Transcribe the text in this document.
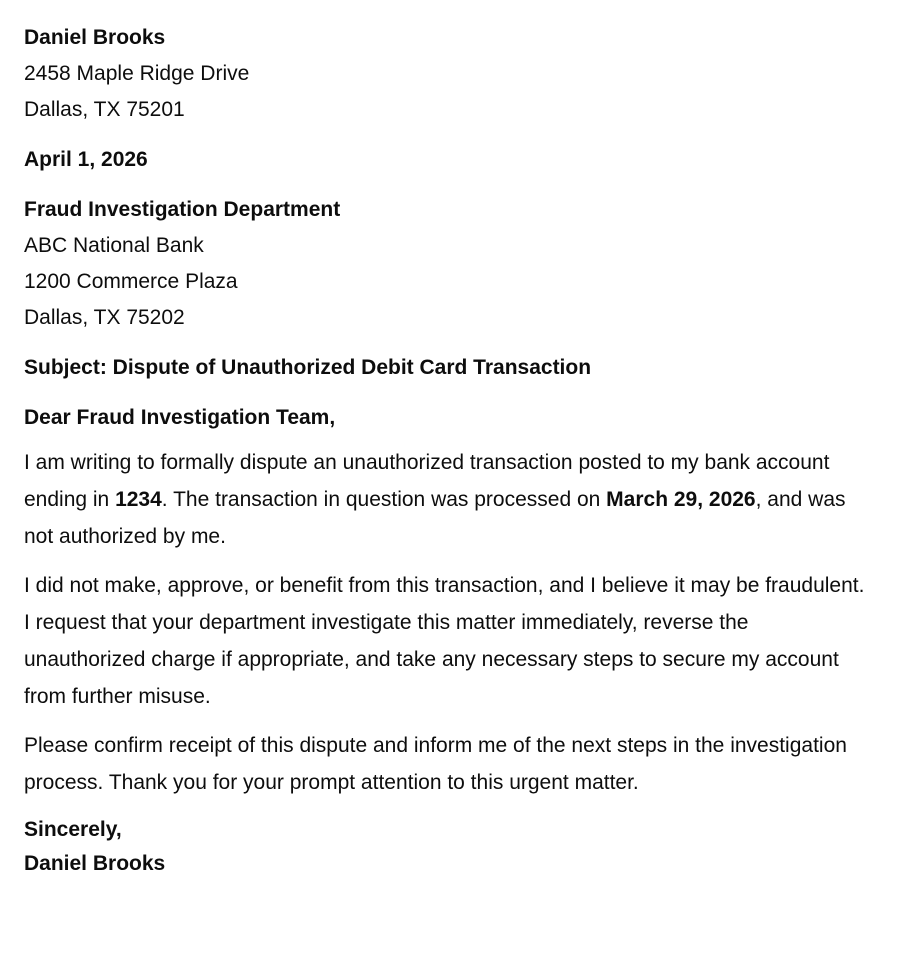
Daniel Brooks
2458 Maple Ridge Drive
Dallas, TX 75201
April 1, 2026
Fraud Investigation Department
ABC National Bank
1200 Commerce Plaza
Dallas, TX 75202
Subject: Dispute of Unauthorized Debit Card Transaction
Dear Fraud Investigation Team,

I am writing to formally dispute an unauthorized transaction posted to my bank account ending in 1234. The transaction in question was processed on March 29, 2026, and was not authorized by me.

I did not make, approve, or benefit from this transaction, and I believe it may be fraudulent. I request that your department investigate this matter immediately, reverse the unauthorized charge if appropriate, and take any necessary steps to secure my account from further misuse.

Please confirm receipt of this dispute and inform me of the next steps in the investigation process. Thank you for your prompt attention to this urgent matter.

Sincerely,
Daniel Brooks
